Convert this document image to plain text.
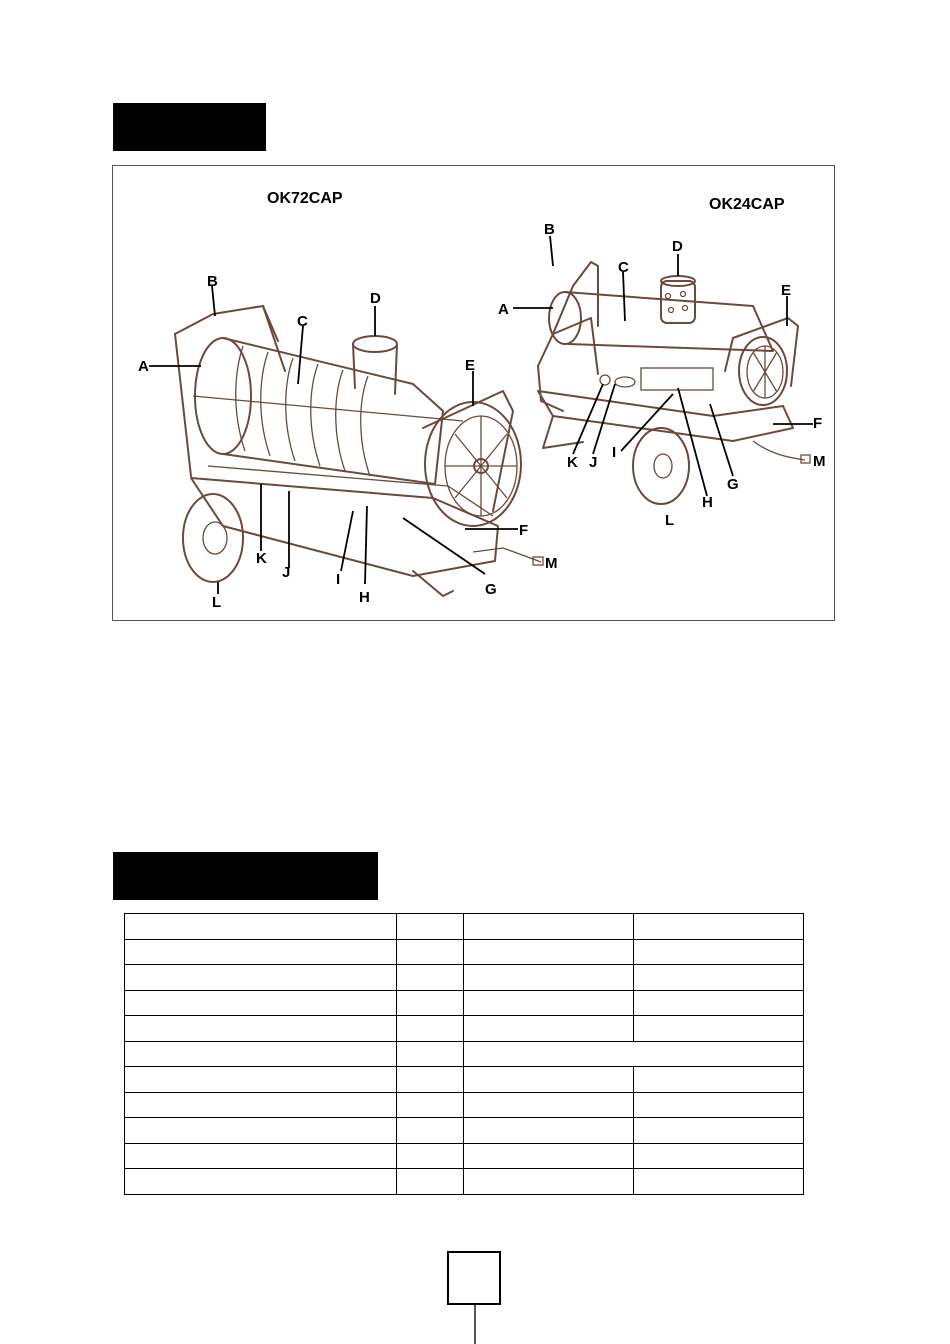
OK72CAP	OK24CAP
A
B
C
D
E
F
G
H
I
J
K
L
M
A
B
C
D
E
F
G
H
I
J
K
L
M
